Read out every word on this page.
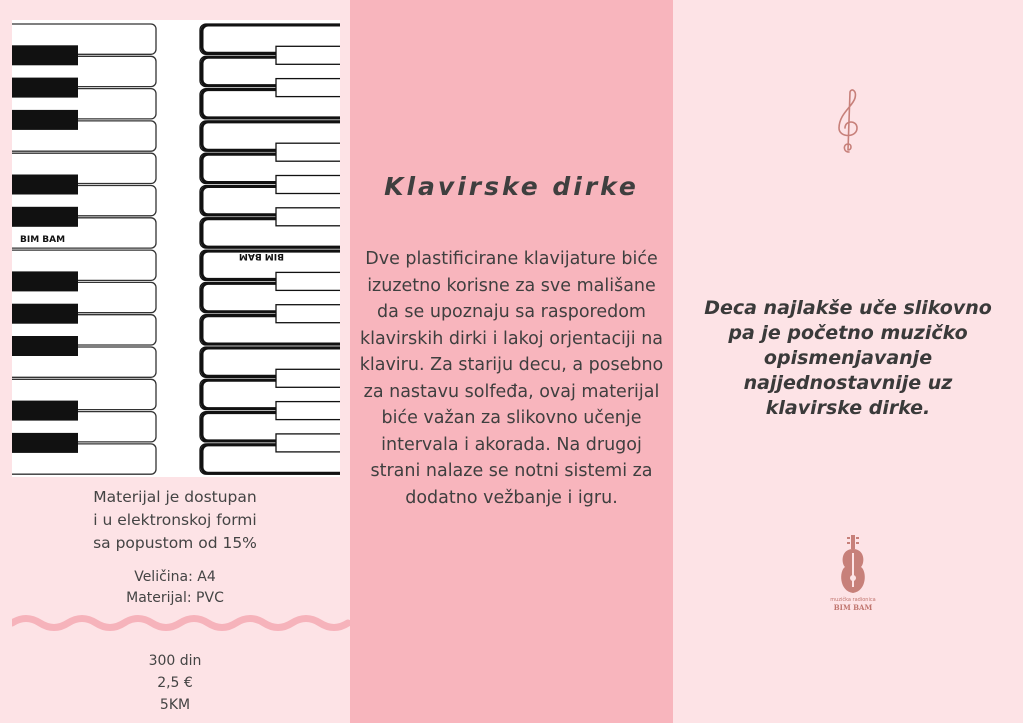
BIM BAM
BIM BAM
Materijal je dostupan
i u elektronskoj formi
sa popustom od 15%
Veličina: A4
Materijal: PVC
300 din
2,5 €
5KM
Klavirske dirke
Dve plastificirane klavijature biće izuzetno korisne za sve mališane da se upoznaju sa rasporedom klavirskih dirki i lakoj orjentaciji na klaviru. Za stariju decu, a posebno za nastavu solfeđa, ovaj materijal biće važan za slikovno učenje intervala i akorada. Na drugoj strani nalaze se notni sistemi za dodatno vežbanje i igru.
Deca najlakše uče slikovno pa je početno muzičko opismenjavanje najjednostavnije uz klavirske dirke.
muzička radionica
BIM BAM
